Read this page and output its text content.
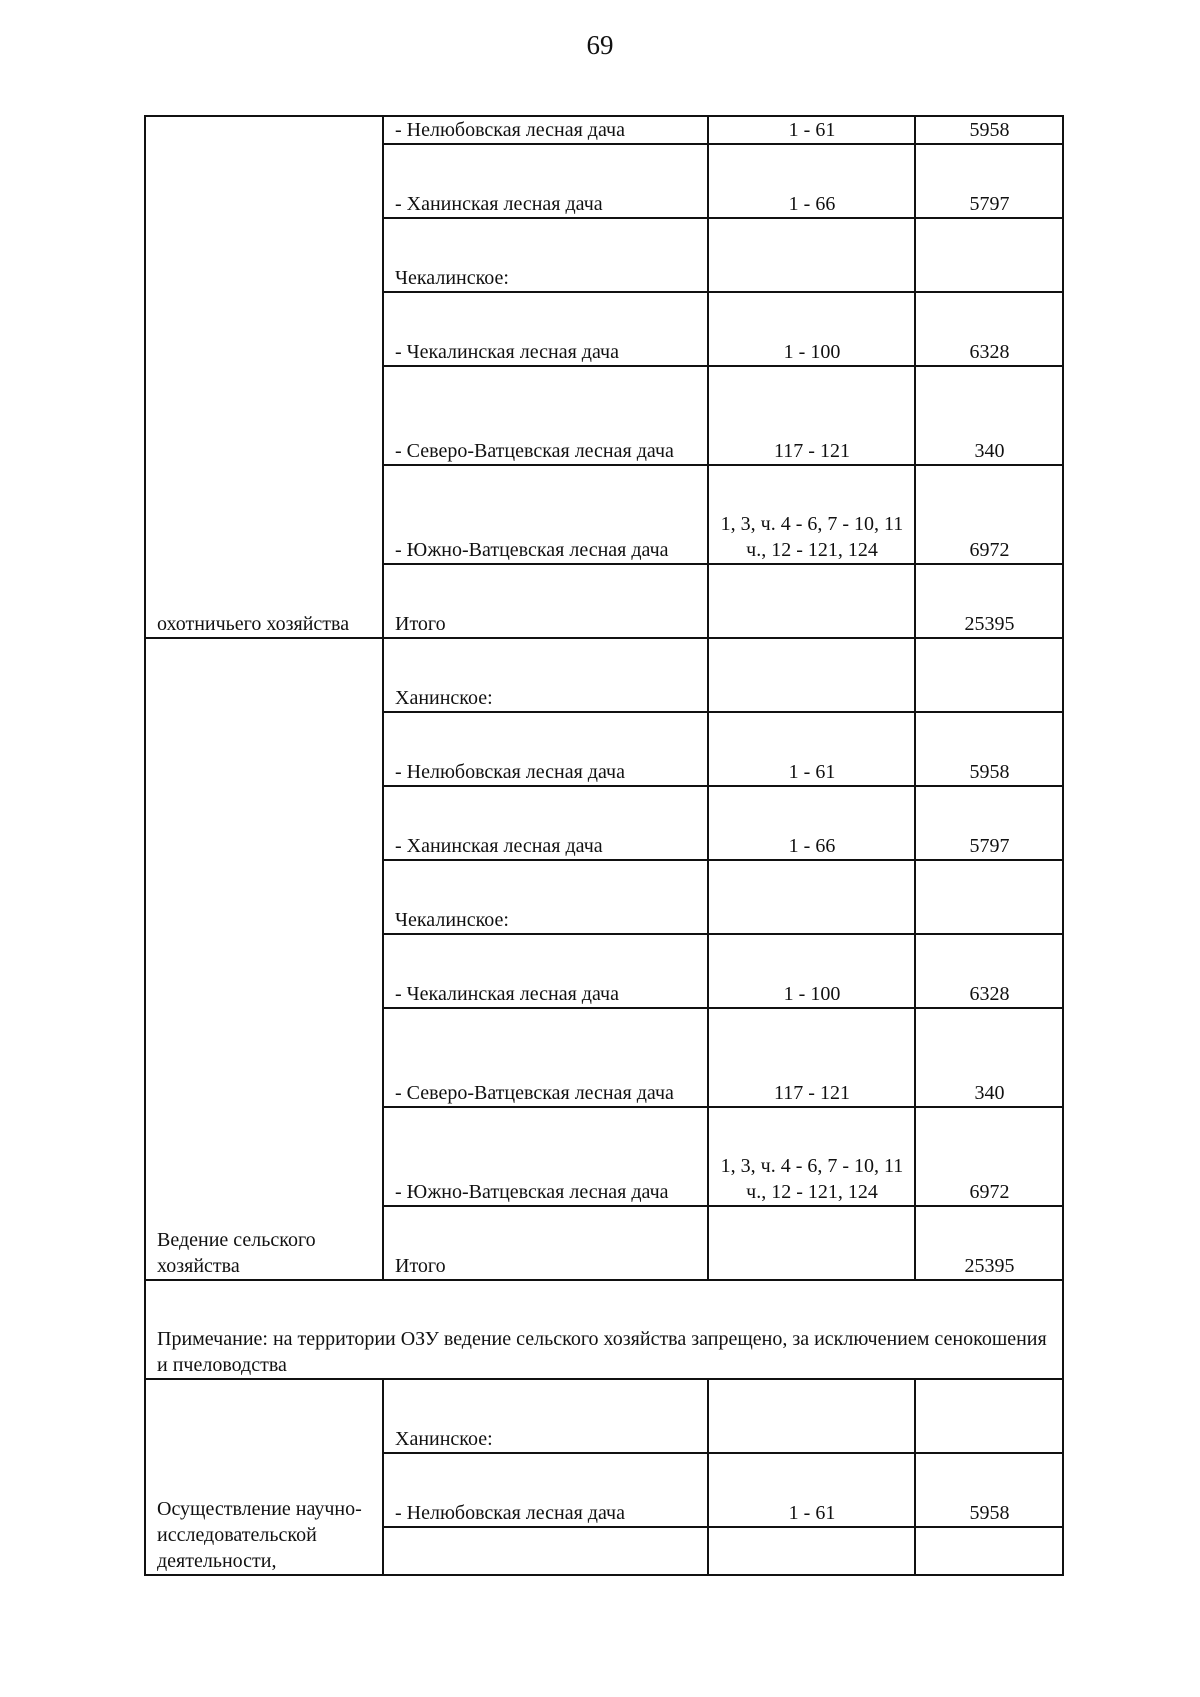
69
охотничьего хозяйства	- Нелюбовская лесная дача	1 - 61	5958
	- Ханинская лесная дача	1 - 66	5797
	Чекалинское:		
	- Чекалинская лесная дача	1 - 100	6328
	- Северо-Ватцевская лесная дача	117 - 121	340
	- Южно-Ватцевская лесная дача	1, 3, ч. 4 - 6, 7 - 10, 11 ч., 12 - 121, 124	6972
	Итого		25395
Ведение сельского хозяйства	Ханинское:		
	- Нелюбовская лесная дача	1 - 61	5958
	- Ханинская лесная дача	1 - 66	5797
	Чекалинское:		
	- Чекалинская лесная дача	1 - 100	6328
	- Северо-Ватцевская лесная дача	117 - 121	340
	- Южно-Ватцевская лесная дача	1, 3, ч. 4 - 6, 7 - 10, 11 ч., 12 - 121, 124	6972
	Итого		25395
Примечание: на территории ОЗУ ведение сельского хозяйства запрещено, за исключением сенокошения и пчеловодства			
Осуществление научно-исследовательской деятельности,	Ханинское:		
	- Нелюбовская лесная дача	1 - 61	5958
